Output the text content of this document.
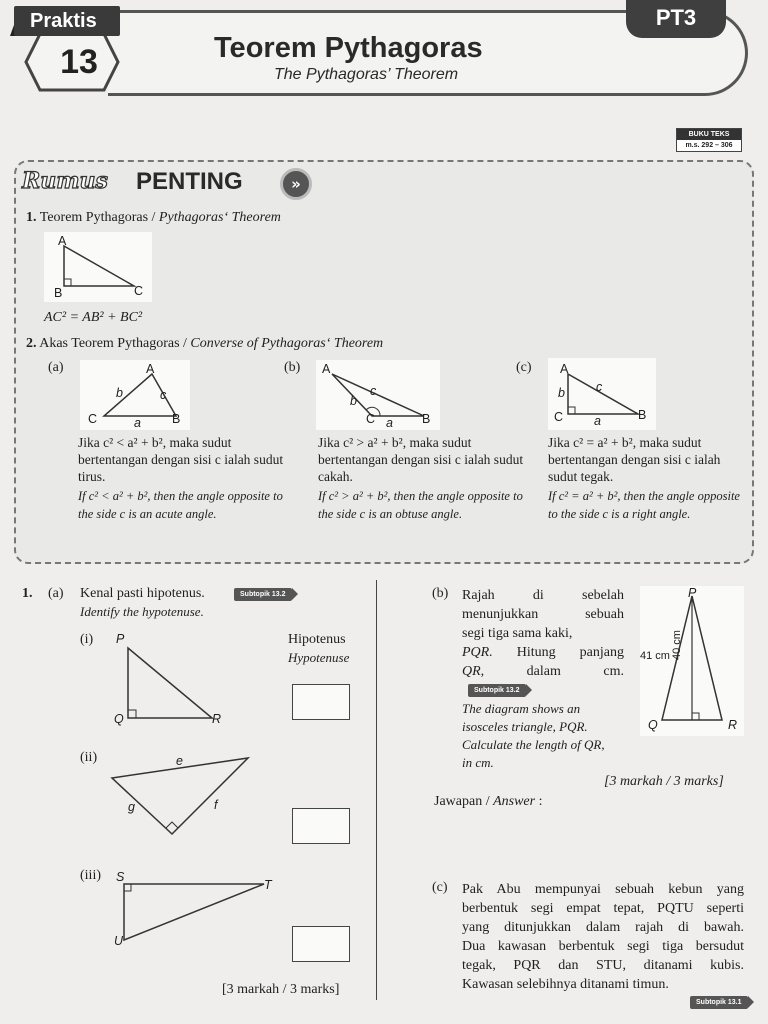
Praktis
13	Teorem Pythagoras
The Pythagoras’ Theorem
PT3
BUKU TEKS
m.s. 292 – 306
Rumus PENTING	»
1. Teorem Pythagoras / Pythagoras‘ Theorem
A
B	C
AC² = AB² + BC²
2. Akas Teorem Pythagoras / Converse of Pythagoras‘ Theorem
(a)	A
C	B
b	c
a
Jika c² < a² + b², maka sudut bertentangan dengan sisi c ialah sudut tirus.
If c² < a² + b², then the angle opposite to the side c is an acute angle.
(b) A
C	B
b
c
a
Jika c² > a² + b², maka sudut bertentangan dengan sisi c ialah sudut cakah.
If c² > a² + b², then the angle opposite to the side c is an obtuse angle.
(c) A
C	B
b c
a
Jika c² = a² + b², maka sudut bertentangan dengan sisi c ialah sudut tegak.
If c² = a² + b², then the angle opposite to the side c is a right angle.
1. (a) Kenal pasti hipotenus.	Subtopik 13.2
Identify the hypotenuse.
Hipotenus
Hypotenuse
(i) P
Q	R
(ii)	e
f
g
(iii) S
T
U
[3 markah / 3 marks]
(b) Rajah	di	sebelah
menunjukkan	sebuah
segi tiga sama kaki,
PQR. Hitung panjang
QR,	dalam	cm.
Subtopik 13.2
The diagram shows an
isosceles triangle, PQR.
Calculate the length of QR,
in cm.
P
Q	R
41 cm 40 cm
[3 markah / 3 marks]
Jawapan / Answer :
(c) Pak Abu mempunyai sebuah kebun yang
berbentuk segi empat tepat, PQTU seperti
yang ditunjukkan dalam rajah di bawah.
Dua kawasan berbentuk segi tiga bersudut
tegak, PQR dan STU, ditanami kubis.
Kawasan selebihnya ditanami timun.
Subtopik 13.1
